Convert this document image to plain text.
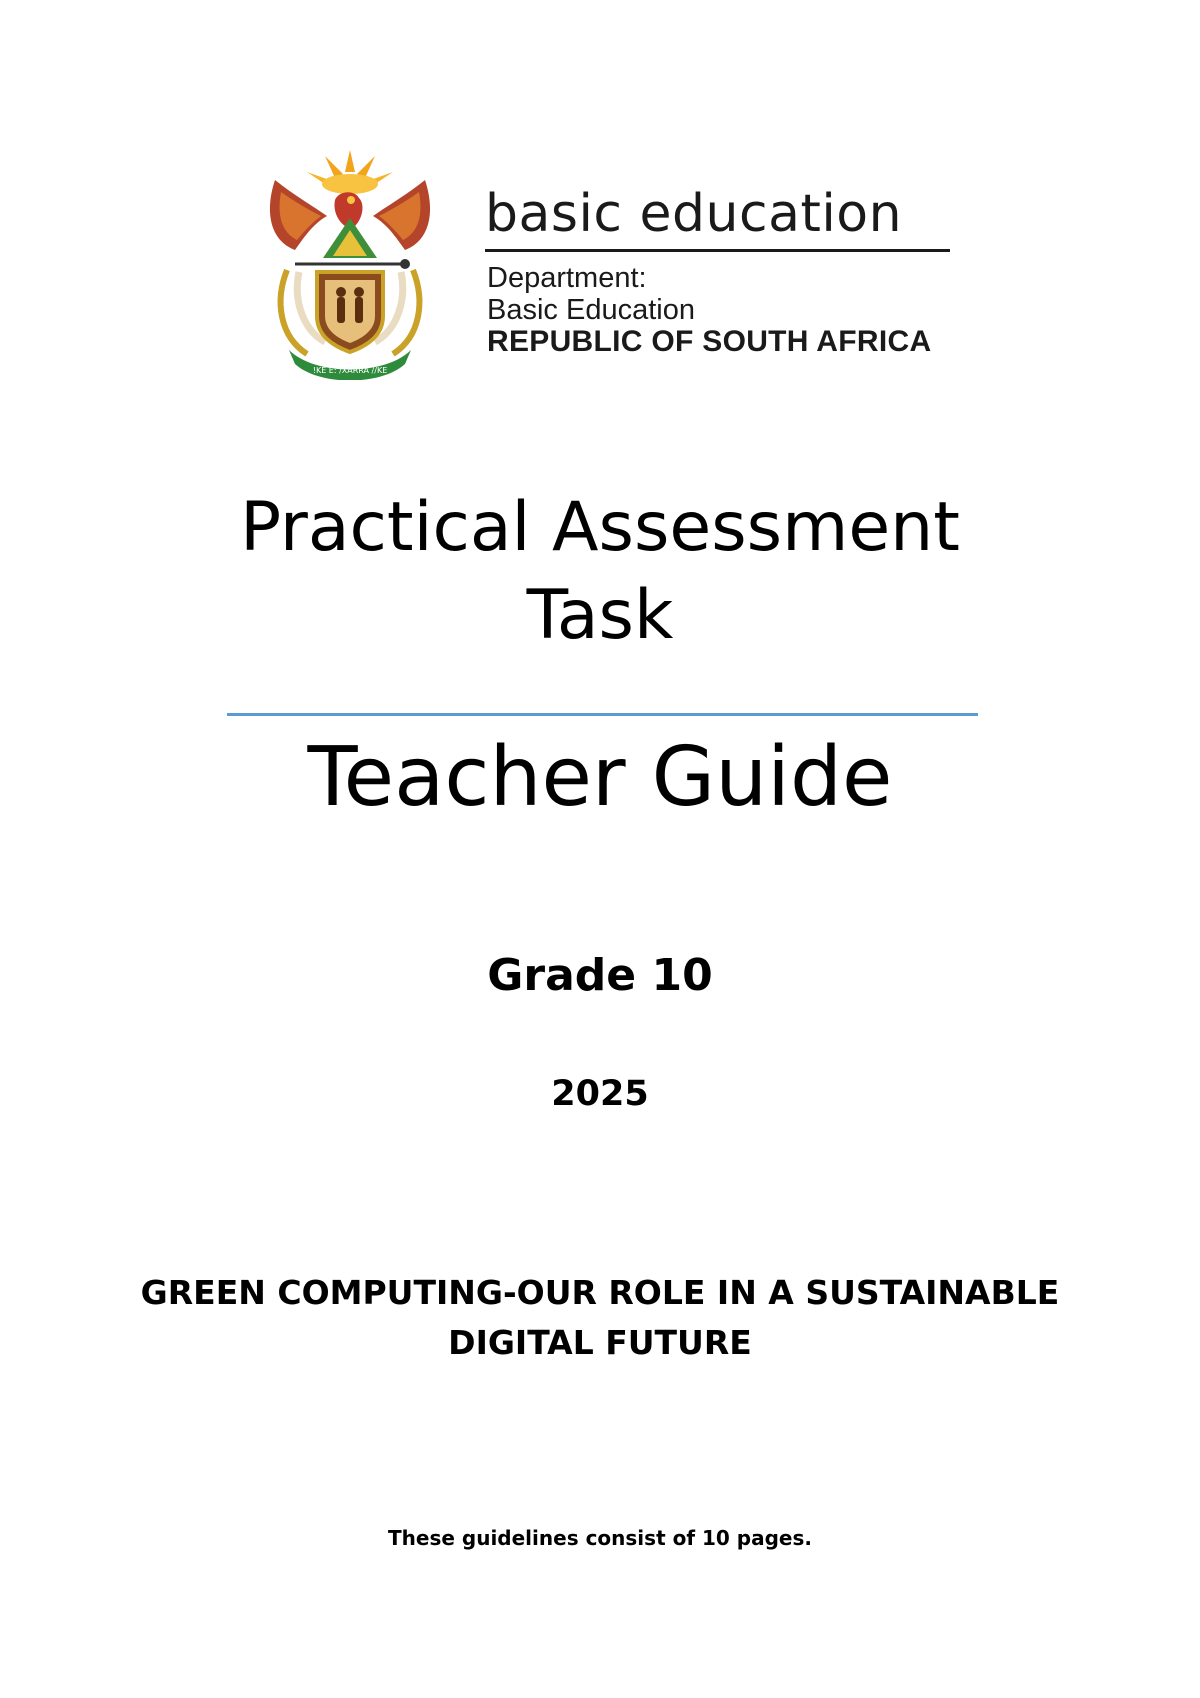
!KE E: /XARRA //KE
basic education
Department:
Basic Education
REPUBLIC OF SOUTH AFRICA
Practical Assessment
Task
Teacher Guide
Grade 10
2025
GREEN COMPUTING-OUR ROLE IN A SUSTAINABLE
DIGITAL FUTURE
These guidelines consist of 10 pages.
